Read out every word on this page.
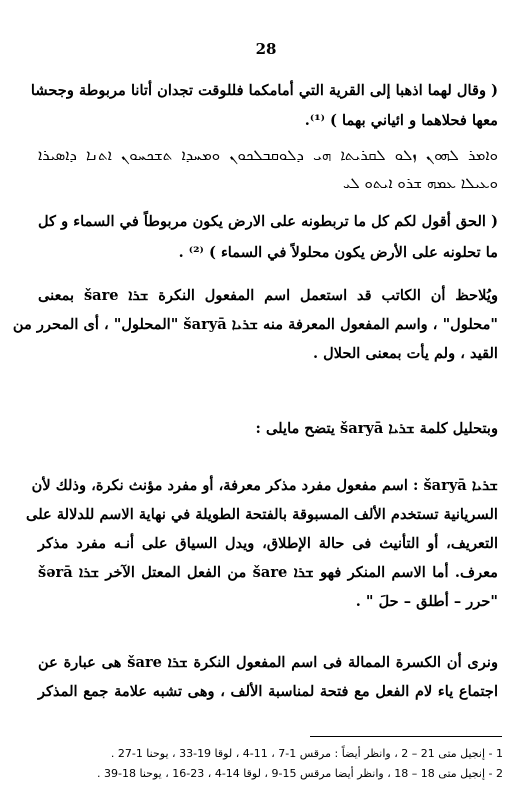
28
( وقال لهما اذهبا إلى القرية التي أمامكما فللوقت تجدان أتانا مربوطة وجحشا
معها فحلاهما و ائياني بهما ) ⁽¹⁾.
ܘܐܡܪ ܠܗܘܢ ܙܠܘ ܠܩܪܝܬܐ ܗܝ ܕܠܘܩܒܠܟܘܢ ܘܡܚܕܐ ܬܫܟܚܘܢ ܐܬܢܐ ܕܐܣܝܪܐ
ܘܥܝܠܐ ܥܡܗ ܫܪܘ ܐܝܬܘ ܠܝ
( الحق أقول لكم كل ما تربطونه على الارض يكون مربوطاً في السماء و كل
ما تحلونه على الأرض يكون محلولاً في السماء ) ⁽²⁾ .
ويُلاحظ أن الكاتب قد استعمل اسم المفعول النكرة ܫܪܐ šare بمعنى
"محلول" ، واسم المفعول المعرفة منه ܫܪܝܐ šaryā "المحلول" ، أى المحرر من
القيد ، ولم يأت بمعنى الحلال .
وبتحليل كلمة ܫܪܝܐ šaryā يتضح مايلى :
ܫܪܝܐ šaryā : اسم مفعول مفرد مذكر معرفة، أو مفرد مؤنث نكرة، وذلك لأن
السريانية تستخدم الألف المسبوقة بالفتحة الطويلة في نهاية الاسم للدلالة على
التعريف، أو التأنيث فى حالة الإطلاق، ويدل السياق على أنـه مفرد مذكر
معرف. أما الاسم المنكر فهو ܫܪܐ šare من الفعل المعتل الآخر ܫܪܐ šərā
"حرر – أطلق – حلَ " .
ونرى أن الكسرة الممالة فى اسم المفعول النكرة ܫܪܐ šare هى عبارة عن
اجتماع ياء لام الفعل مع فتحة لمناسبة الألف ، وهى تشبه علامة جمع المذكر
1 - إنجيل متى 21 – 2 ، وانظر أيضاً : مرقس 1-7 ، 11-4 ، لوقا 19-33 ، يوحنا 1-27 .
2 - إنجيل متى 18 – 18 ، وانظر أيضا مرقس 15-9 ، لوقا 14-4 ، 23-16 ، يوحنا 18-39 .
